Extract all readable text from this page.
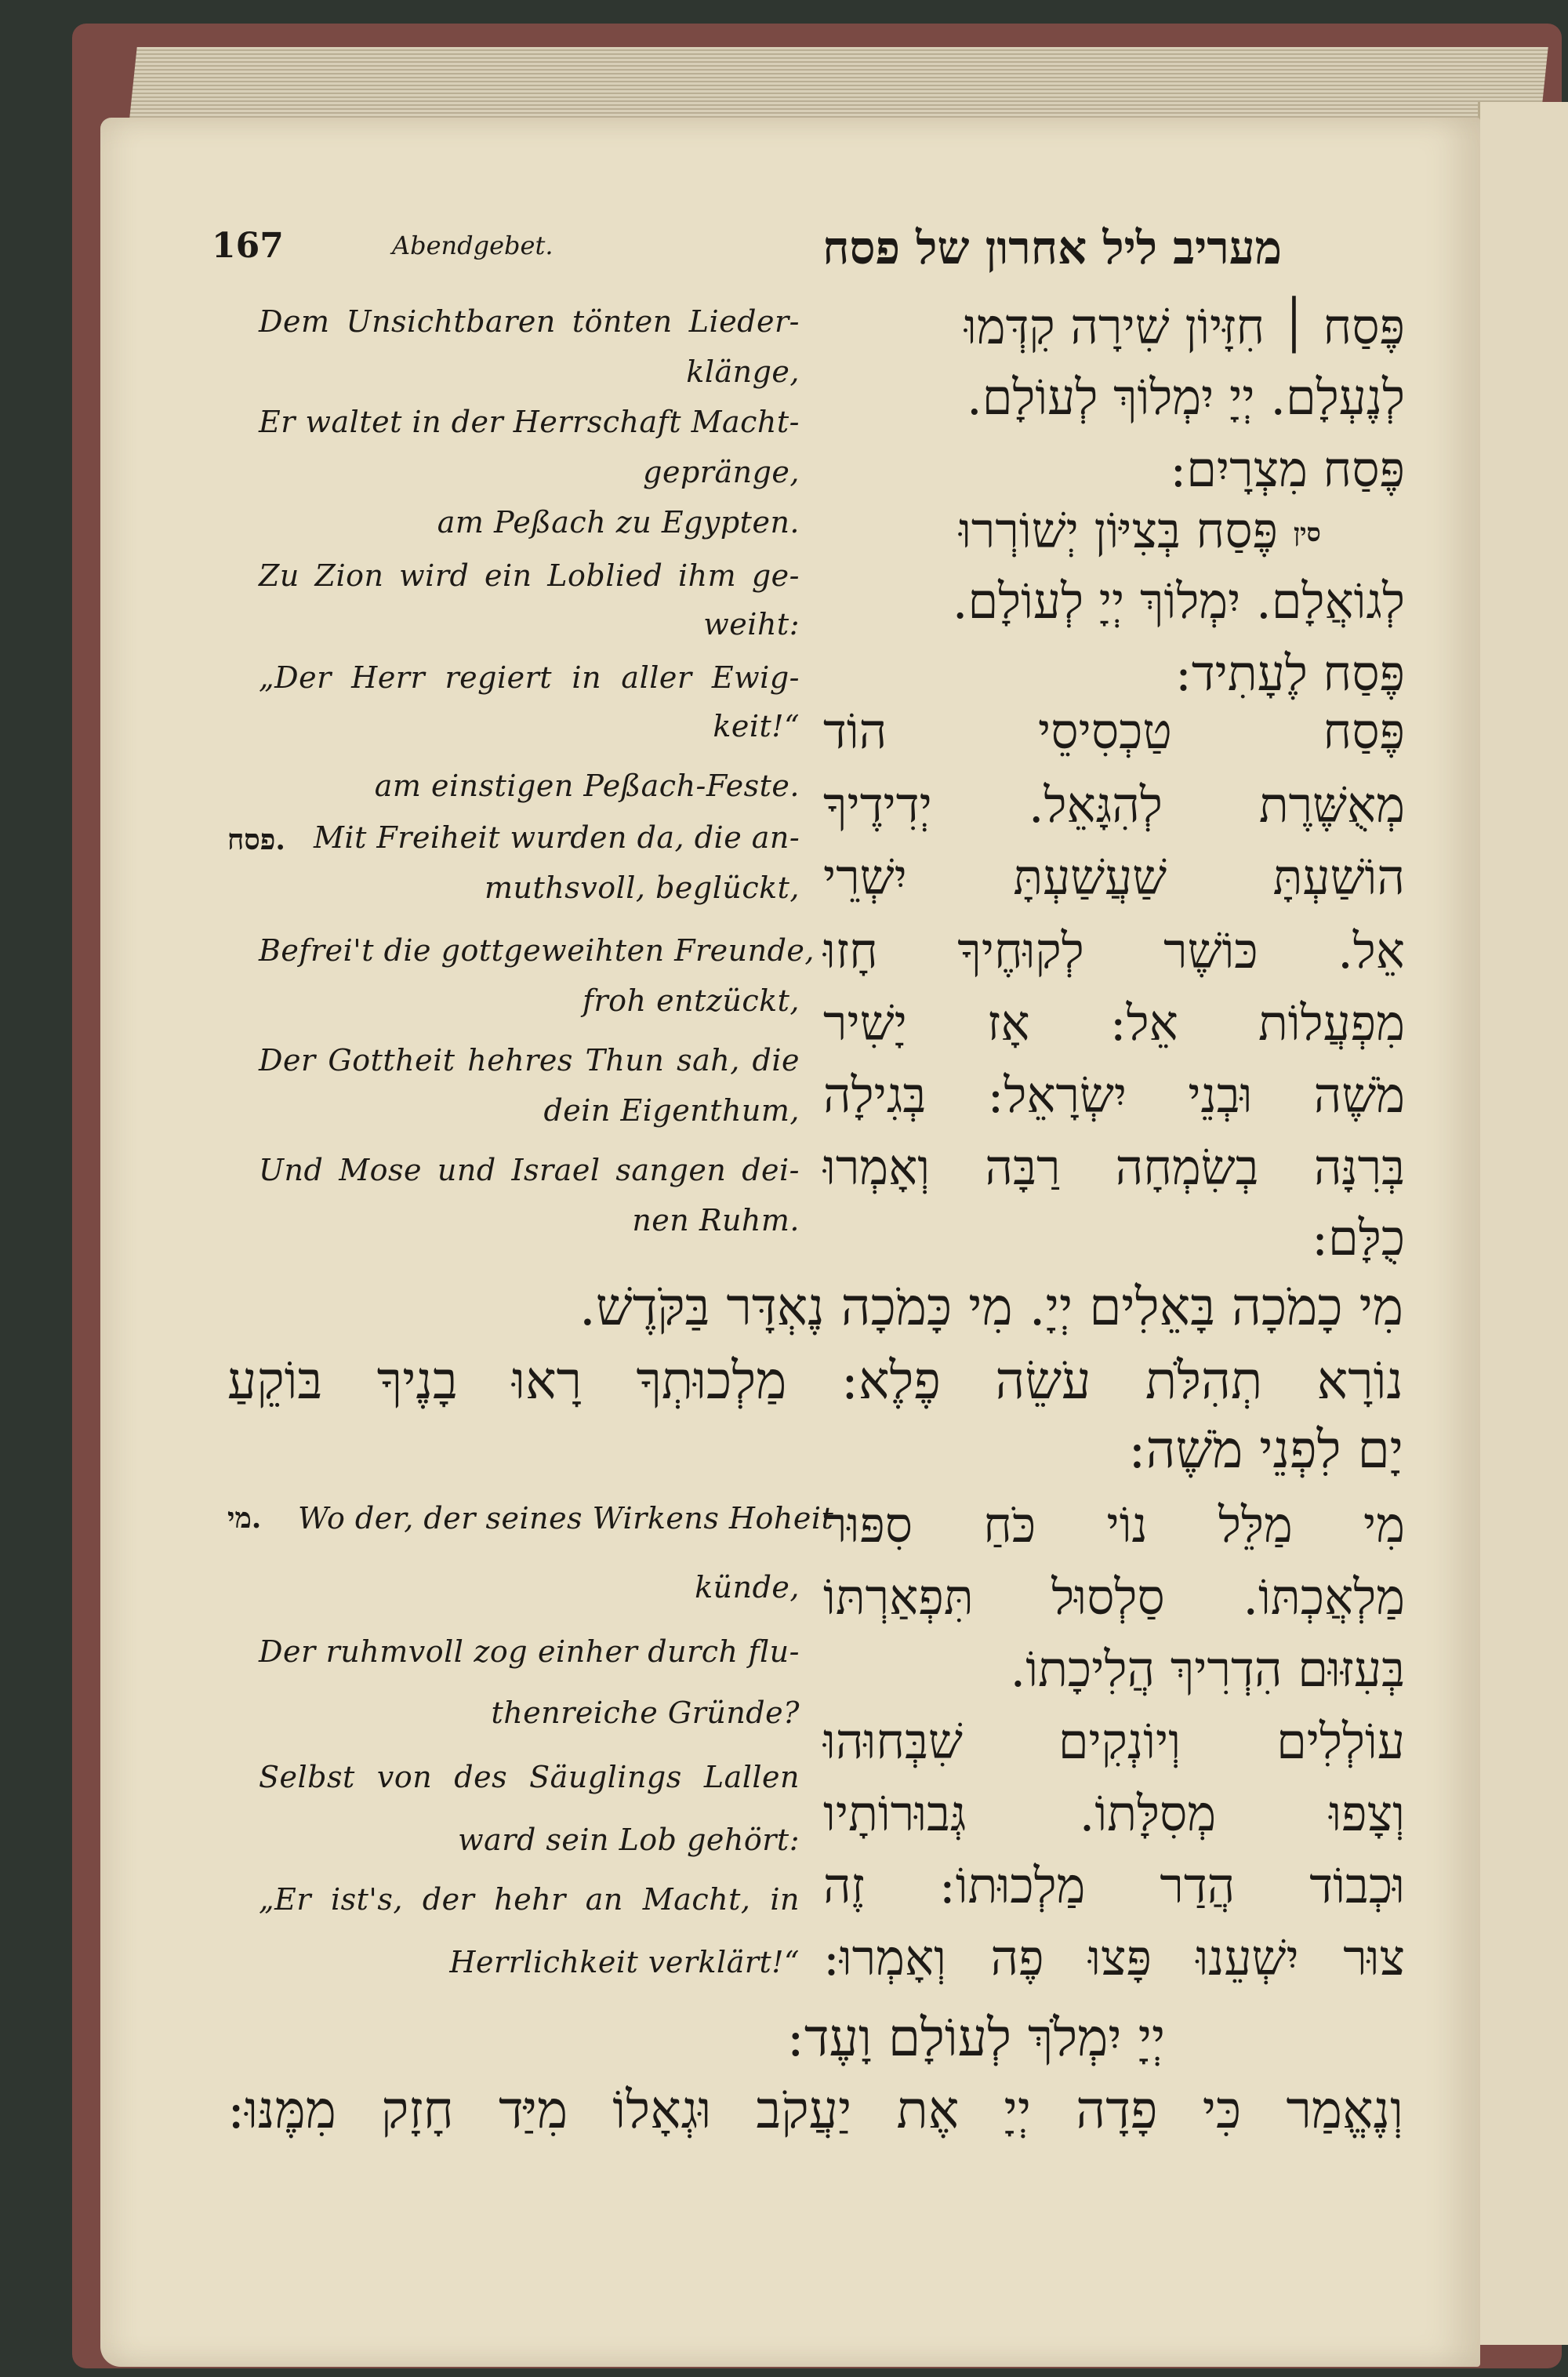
167	Abendgebet.	מעריב ליל אחרון של פסח
Dem Unsichtbaren tönten Lieder-
klänge,
Er waltet in der Herrschaft Macht-
gepränge,
am Peßach zu Egypten.
Zu Zion wird ein Loblied ihm ge-
weiht:
„Der Herr regiert in aller Ewig-
keit!“
am einstigen Peßach-Feste.
פסח. Mit Freiheit wurden da, die an-
muthsvoll, beglückt,
Befrei't die gottgeweihten Freunde,
froh entzückt,
Der Gottheit hehres Thun sah, die
dein Eigenthum,
Und Mose und Israel sangen dei-
nen Ruhm.
פֶּסַח ׀ חִזָּיוֹן שִׁירָה קִדְּמוּ
לְנֶעְלָם. יְיָ יִמְלוֹךְ לְעוֹלָם.
פֶּסַח מִצְרָיִם:
סין
פֶּסַח בְּצִיּוֹן יְשׁוֹרְרוּ
לְגוֹאֲלָם. יִמְלוֹךְ יְיָ לְעוֹלָם.
פֶּסַח לֶעָתִיד:
פֶּסַח טַכְסִיסֵי הוֹד
מְאֻשֶּׁרֶת לְהִגָּאֵל. יְדִידֶיךָ
הוֹשַׁעְתָּ שַׁעֲשַׁעְתָּ יִשְׁרֵי
אֵל. כּוֹשֶׁר לְקוּחֶיךָ חָזוּ
מִפְעֲלוֹת אֵל: אָז יָשִׁיר
מֹשֶׁה וּבְנֵי יִשְׂרָאֵל: בְּגִילָה
בְּרִנָּה בְשִׂמְחָה רַבָּה וְאָמְרוּ
כֻלָּם:
מִי כָמֹכָה בָּאֵלִים יְיָ. מִי כָּמֹכָה נֶאְדָּר בַּקֹּדֶשׁ.
נוֹרָא תְהִלֹּת עֹשֵׂה פֶלֶא: מַלְכוּתְךָ רָאוּ בָנֶיךָ בּוֹקֵעַ
יָם לִפְנֵי מֹשֶׁה:
מי. Wo der, der seines Wirkens Hoheit
künde,
Der ruhmvoll zog einher durch flu-
thenreiche Gründe?
Selbst von des Säuglings Lallen
ward sein Lob gehört:
„Er ist's, der hehr an Macht, in
Herrlichkeit verklärt!“
מִי מַלֵּל נוֹי כֹּחַ סִפּוּר
מַלְאֲכְתּוֹ. סַלְסוּל תִּפְאַרְתּוֹ
בְּעִזּוּם הִדְרִיךְ הֲלִיכָתוֹ.
עוֹלְלִים וְיוֹנְקִים שִׁבְּחוּהוּ
וְצָפוּ מְסִלָּתוֹ. גְּבוּרוֹתָיו
וּכְבוֹד הֲדַר מַלְכוּתוֹ: זֶה
צוּר יִשְׁעֵנוּ פָּצוּ פֶה וְאָמְרוּ:
יְיָ יִמְלֹךְ לְעוֹלָם וָעֶד:
וְנֶאֱמַר כִּי פָדָה יְיָ אֶת יַעֲקֹב וּגְאָלוֹ מִיַּד חָזָק מִמֶּנּוּ:
